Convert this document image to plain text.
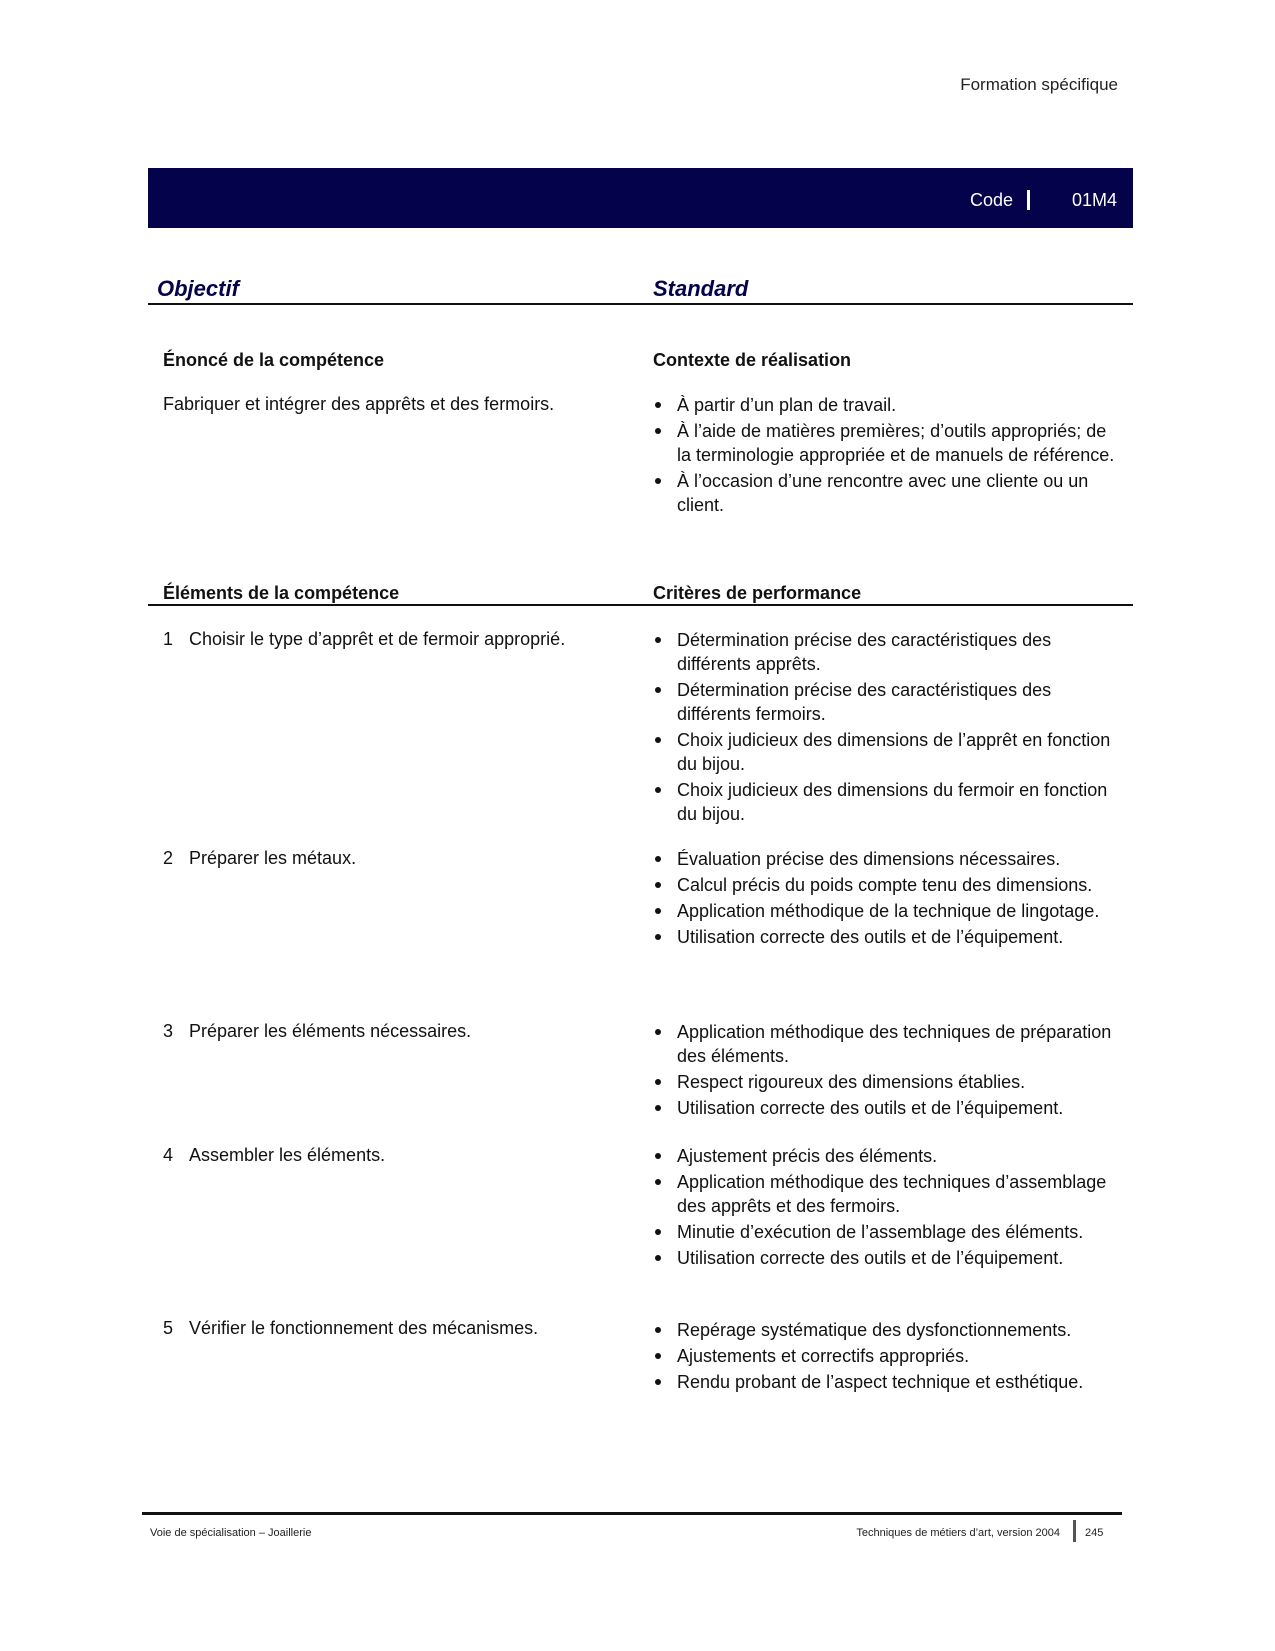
Formation spécifique
Code	01M4
Objectif	Standard
Énoncé de la compétence	Contexte de réalisation
Fabriquer et intégrer des apprêts et des fermoirs.	À partir d’un plan de travail.
À l’aide de matières premières; d’outils appropriés; de la terminologie appropriée et de manuels de référence.
À l’occasion d’une rencontre avec une cliente ou un client.
Éléments de la compétence	Critères de performance
1 Choisir le type d’apprêt et de fermoir approprié.	Détermination précise des caractéristiques des différents apprêts.
Détermination précise des caractéristiques des différents fermoirs.
Choix judicieux des dimensions de l’apprêt en fonction du bijou.
Choix judicieux des dimensions du fermoir en fonction du bijou.
2 Préparer les métaux.	Évaluation précise des dimensions nécessaires.
Calcul précis du poids compte tenu des dimensions.
Application méthodique de la technique de lingotage.
Utilisation correcte des outils et de l’équipement.
3 Préparer les éléments nécessaires.	Application méthodique des techniques de préparation des éléments.
Respect rigoureux des dimensions établies.
Utilisation correcte des outils et de l’équipement.
4 Assembler les éléments.	Ajustement précis des éléments.
Application méthodique des techniques d’assemblage des apprêts et des fermoirs.
Minutie d’exécution de l’assemblage des éléments.
Utilisation correcte des outils et de l’équipement.
5 Vérifier le fonctionnement des mécanismes.	Repérage systématique des dysfonctionnements.
Ajustements et correctifs appropriés.
Rendu probant de l’aspect technique et esthétique.
Voie de spécialisation – Joaillerie	Techniques de métiers d’art, version 2004 245
